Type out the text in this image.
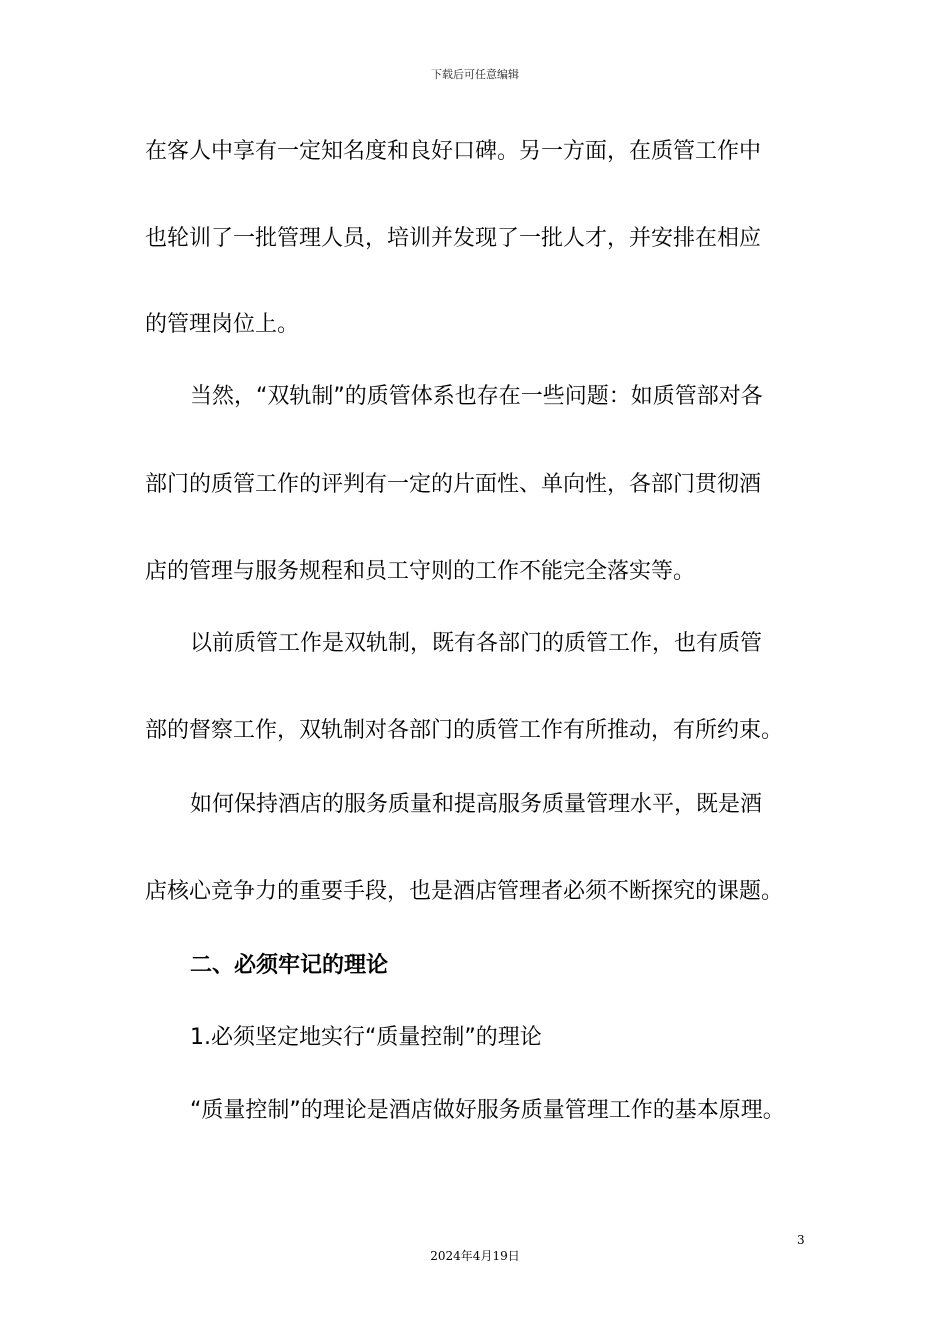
下载后可任意编辑
在客人中享有一定知名度和良好口碑。另一方面，在质管工作中
也轮训了一批管理人员，培训并发现了一批人才，并安排在相应
的管理岗位上。
当然，“双轨制”的质管体系也存在一些问题：如质管部对各
部门的质管工作的评判有一定的片面性、单向性，各部门贯彻酒
店的管理与服务规程和员工守则的工作不能完全落实等。
以前质管工作是双轨制，既有各部门的质管工作，也有质管
部的督察工作，双轨制对各部门的质管工作有所推动，有所约束。
如何保持酒店的服务质量和提高服务质量管理水平，既是酒
店核心竞争力的重要手段，也是酒店管理者必须不断探究的课题。
二、必须牢记的理论
1.必须坚定地实行“质量控制”的理论
“质量控制”的理论是酒店做好服务质量管理工作的基本原理。
3
2024年4月19日
